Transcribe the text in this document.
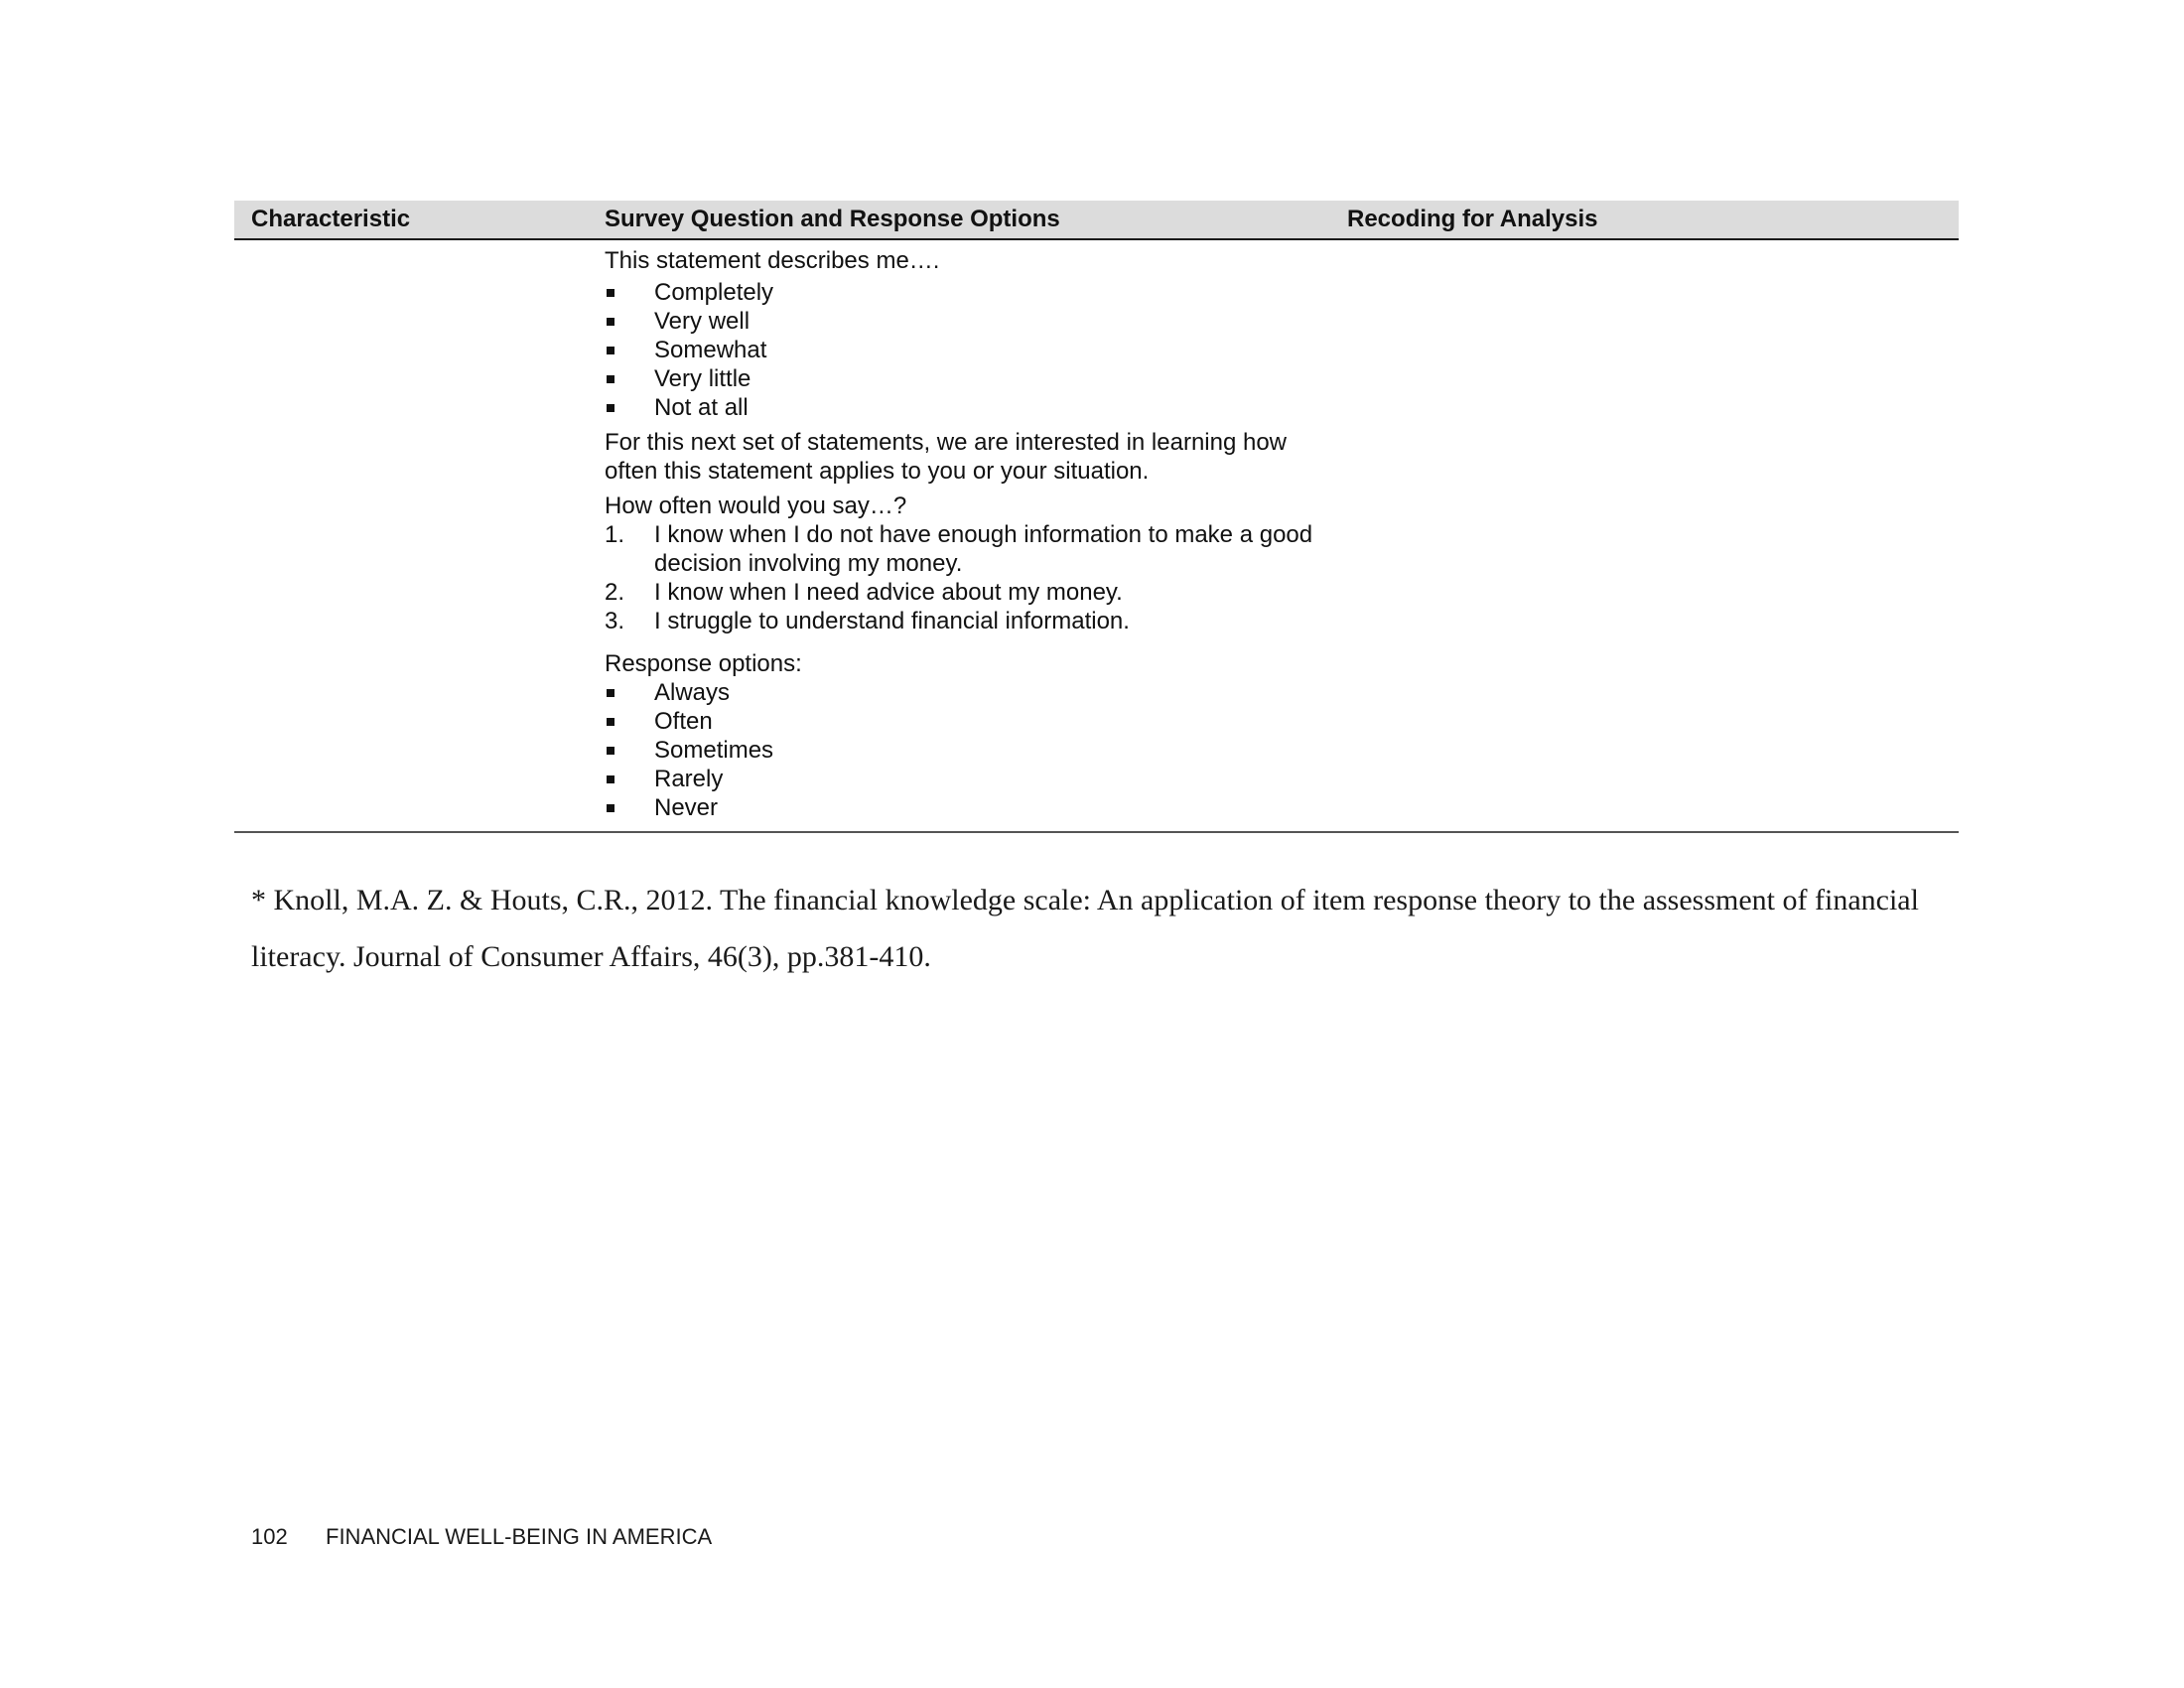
Characteristic	Survey Question and Response Options	Recoding for Analysis

This statement describes me….

Completely
Very well
Somewhat
Very little
Not at all

For this next set of statements, we are interested in learning how often this statement applies to you or your situation.

How often would you say…?

1. I know when I do not have enough information to make a good decision involving my money.
2. I know when I need advice about my money.
3. I struggle to understand financial information.

Response options:

Always
Often
Sometimes
Rarely
Never

* Knoll, M.A. Z. & Houts, C.R., 2012. The financial knowledge scale: An application of item response theory to the assessment of financial literacy. Journal of Consumer Affairs, 46(3), pp.381-410.

102 FINANCIAL WELL-BEING IN AMERICA
